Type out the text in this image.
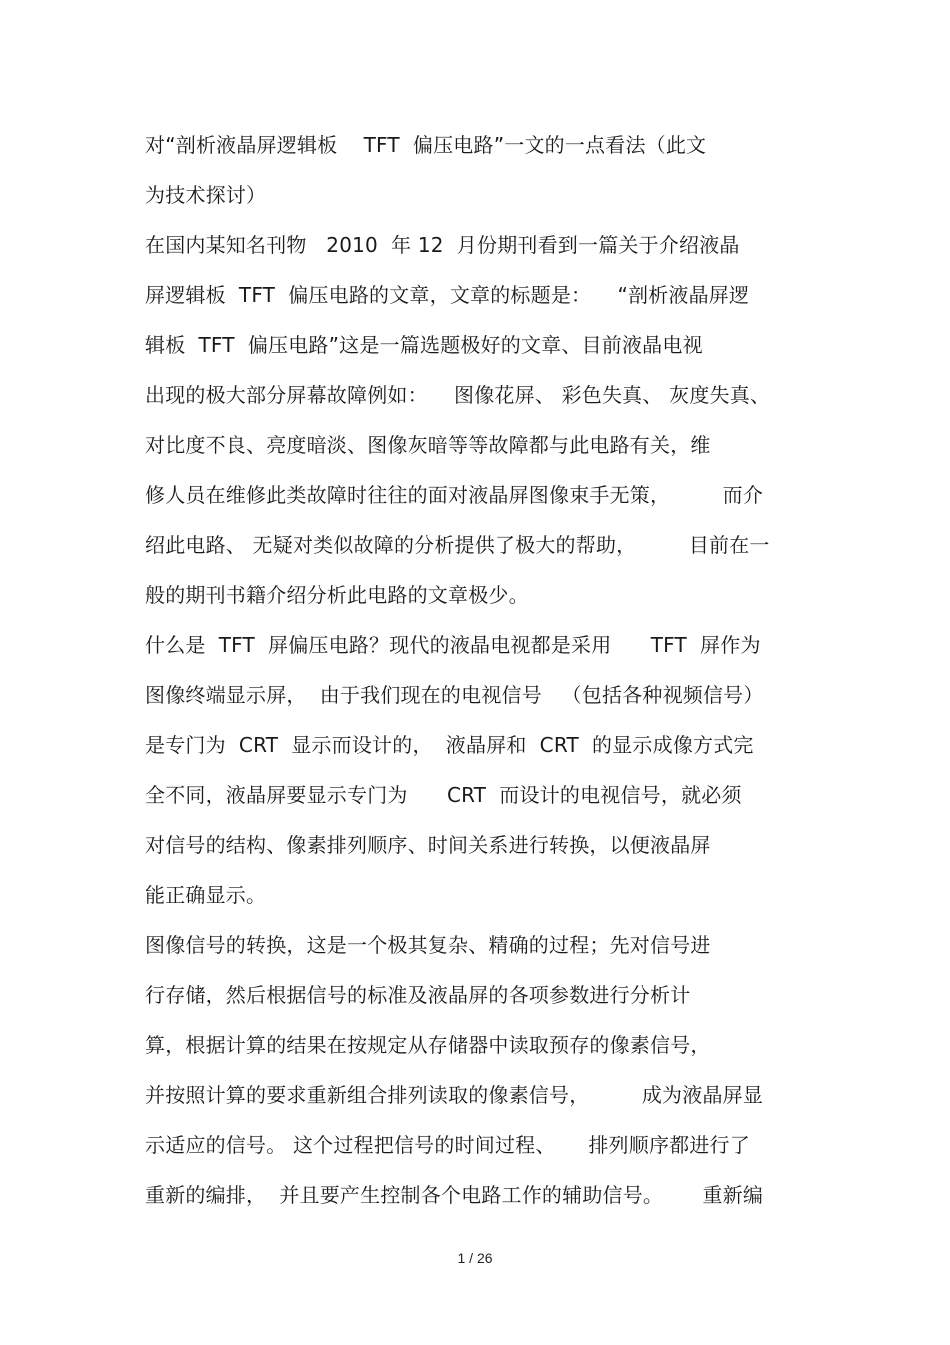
对“剖析液晶屏逻辑板    TFT  偏压电路”一文的一点看法（此文
为技术探讨）
在国内某知名刊物   2010  年 12  月份期刊看到一篇关于介绍液晶
屏逻辑板  TFT  偏压电路的文章，文章的标题是：    “剖析液晶屏逻
辑板  TFT  偏压电路”这是一篇选题极好的文章、目前液晶电视
出现的极大部分屏幕故障例如：    图像花屏、 彩色失真、 灰度失真、
对比度不良、亮度暗淡、图像灰暗等等故障都与此电路有关，维
修人员在维修此类故障时往往的面对液晶屏图像束手无策，        而介
绍此电路、 无疑对类似故障的分析提供了极大的帮助，        目前在一
般的期刊书籍介绍分析此电路的文章极少。
什么是  TFT  屏偏压电路？现代的液晶电视都是采用      TFT  屏作为
图像终端显示屏，  由于我们现在的电视信号   （包括各种视频信号）
是专门为  CRT  显示而设计的，  液晶屏和  CRT  的显示成像方式完
全不同，液晶屏要显示专门为      CRT  而设计的电视信号，就必须
对信号的结构、像素排列顺序、时间关系进行转换，以便液晶屏
能正确显示。
图像信号的转换，这是一个极其复杂、精确的过程；先对信号进
行存储，然后根据信号的标准及液晶屏的各项参数进行分析计
算，根据计算的结果在按规定从存储器中读取预存的像素信号，
并按照计算的要求重新组合排列读取的像素信号，        成为液晶屏显
示适应的信号。 这个过程把信号的时间过程、     排列顺序都进行了
重新的编排，  并且要产生控制各个电路工作的辅助信号。      重新编
1 / 26
